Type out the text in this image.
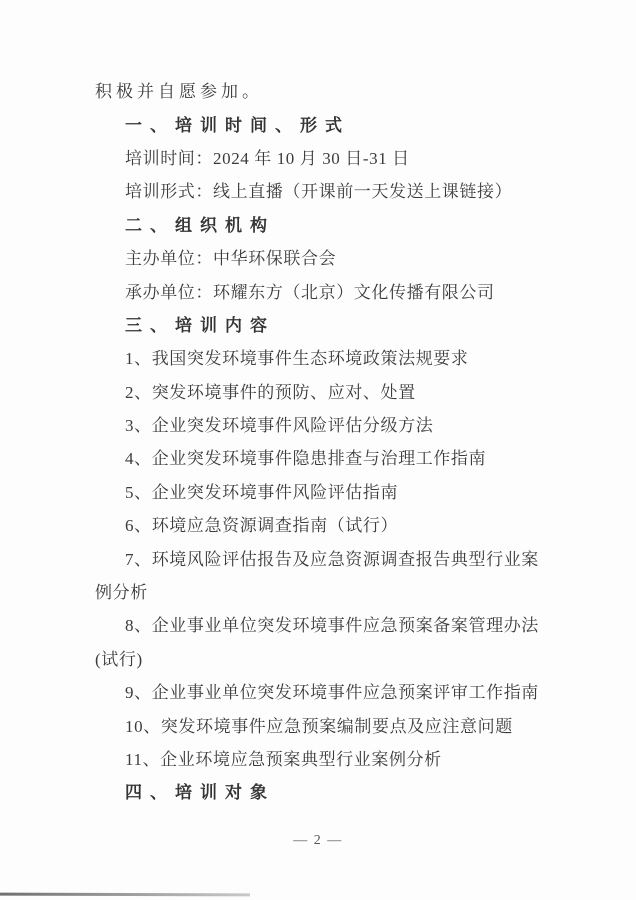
积极并自愿参加。
一、培训时间、形式
培训时间：2024 年 10 月 30 日-31 日
培训形式：线上直播（开课前一天发送上课链接）
二、组织机构
主办单位：中华环保联合会
承办单位：环耀东方（北京）文化传播有限公司
三、培训内容
1、我国突发环境事件生态环境政策法规要求
2、突发环境事件的预防、应对、处置
3、企业突发环境事件风险评估分级方法
4、企业突发环境事件隐患排查与治理工作指南
5、企业突发环境事件风险评估指南
6、环境应急资源调查指南（试行）
7、环境风险评估报告及应急资源调查报告典型行业案
例分析
8、企业事业单位突发环境事件应急预案备案管理办法
(试行)
9、企业事业单位突发环境事件应急预案评审工作指南
10、突发环境事件应急预案编制要点及应注意问题
11、企业环境应急预案典型行业案例分析
四、培训对象
— 2 —
